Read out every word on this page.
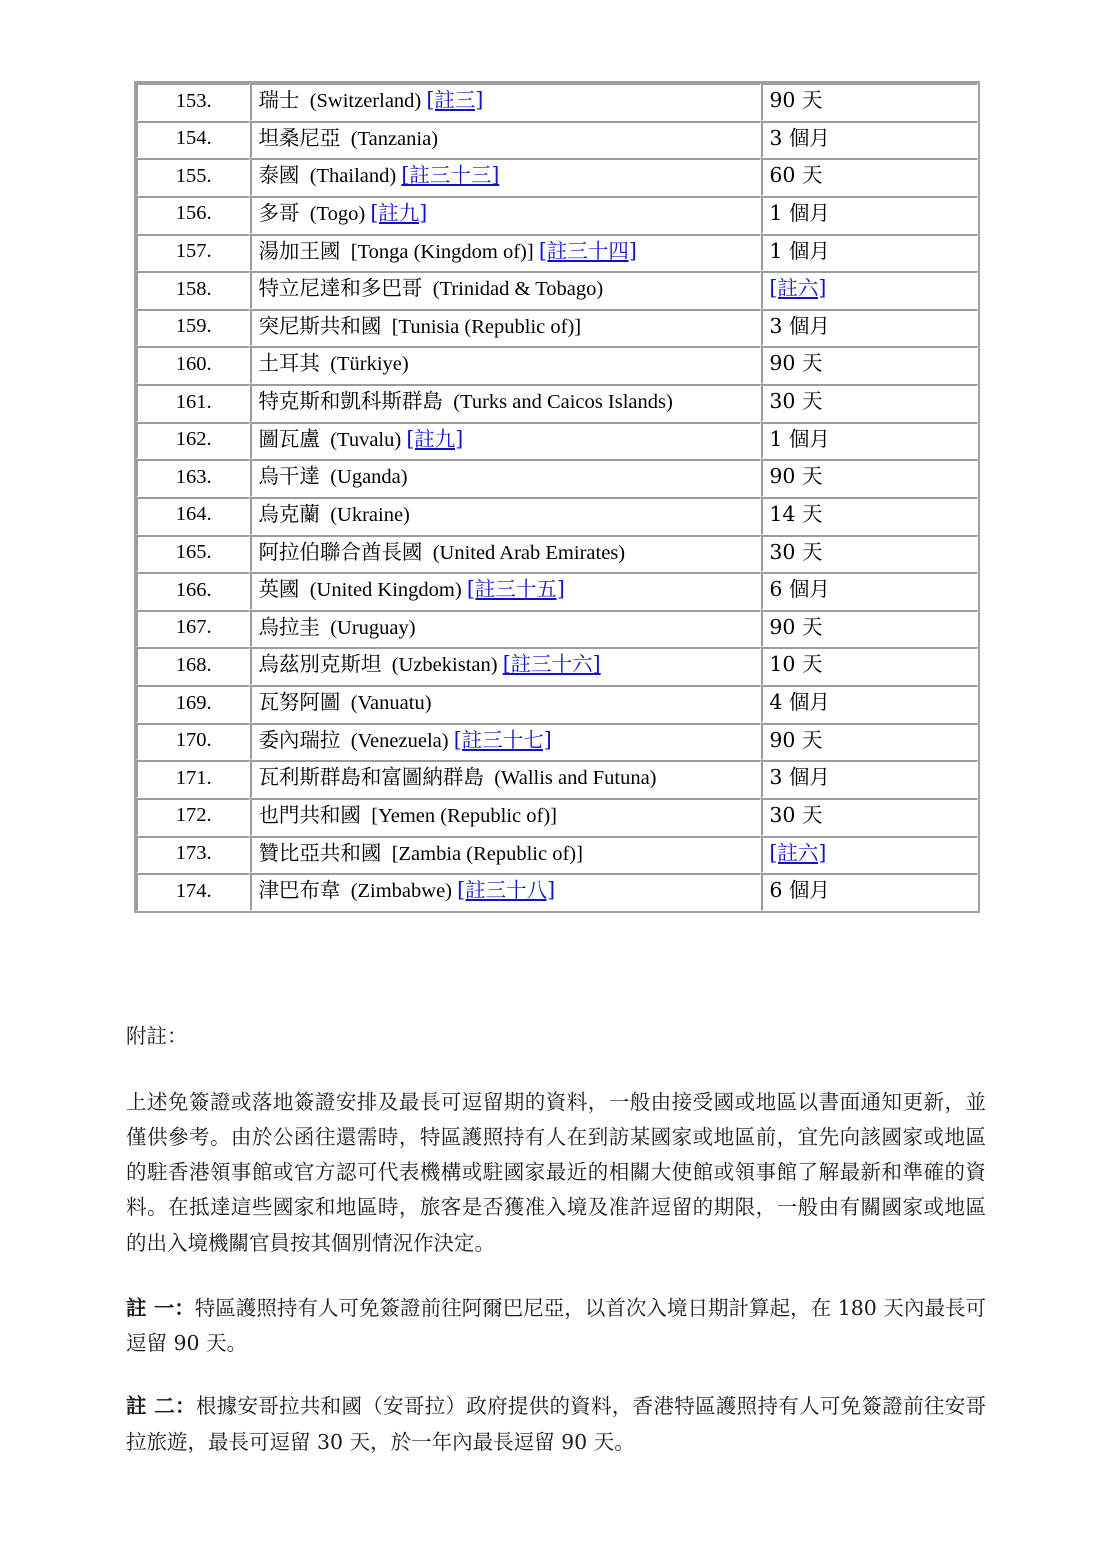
153.	瑞士  (Switzerland) [註三]	90 天
154.	坦桑尼亞  (Tanzania)	3 個月
155.	泰國  (Thailand) [註三十三]	60 天
156.	多哥  (Togo) [註九]	1 個月
157.	湯加王國  [Tonga (Kingdom of)] [註三十四]	1 個月
158.	特立尼達和多巴哥  (Trinidad & Tobago)	[註六]
159.	突尼斯共和國  [Tunisia (Republic of)]	3 個月
160.	土耳其  (Türkiye)	90 天
161.	特克斯和凱科斯群島  (Turks and Caicos Islands)	30 天
162.	圖瓦盧  (Tuvalu) [註九]	1 個月
163.	烏干達  (Uganda)	90 天
164.	烏克蘭  (Ukraine)	14 天
165.	阿拉伯聯合酋長國  (United Arab Emirates)	30 天
166.	英國  (United Kingdom) [註三十五]	6 個月
167.	烏拉圭  (Uruguay)	90 天
168.	烏茲別克斯坦  (Uzbekistan) [註三十六]	10 天
169.	瓦努阿圖  (Vanuatu)	4 個月
170.	委內瑞拉  (Venezuela) [註三十七]	90 天
171.	瓦利斯群島和富圖納群島  (Wallis and Futuna)	3 個月
172.	也門共和國  [Yemen (Republic of)]	30 天
173.	贊比亞共和國  [Zambia (Republic of)]	[註六]
174.	津巴布韋  (Zimbabwe) [註三十八]	6 個月
附註：

上述免簽證或落地簽證安排及最長可逗留期的資料，一般由接受國或地區以書面通知更新，並僅供參考。由於公函往還需時，特區護照持有人在到訪某國家或地區前，宜先向該國家或地區的駐香港領事館或官方認可代表機構或駐國家最近的相關大使館或領事館了解最新和準確的資料。在抵達這些國家和地區時，旅客是否獲准入境及准許逗留的期限，一般由有關國家或地區的出入境機關官員按其個別情況作決定。

註 一：特區護照持有人可免簽證前往阿爾巴尼亞，以首次入境日期計算起，在 180 天內最長可逗留 90 天。

註 二：根據安哥拉共和國（安哥拉）政府提供的資料，香港特區護照持有人可免簽證前往安哥拉旅遊，最長可逗留 30 天，於一年內最長逗留 90 天。
